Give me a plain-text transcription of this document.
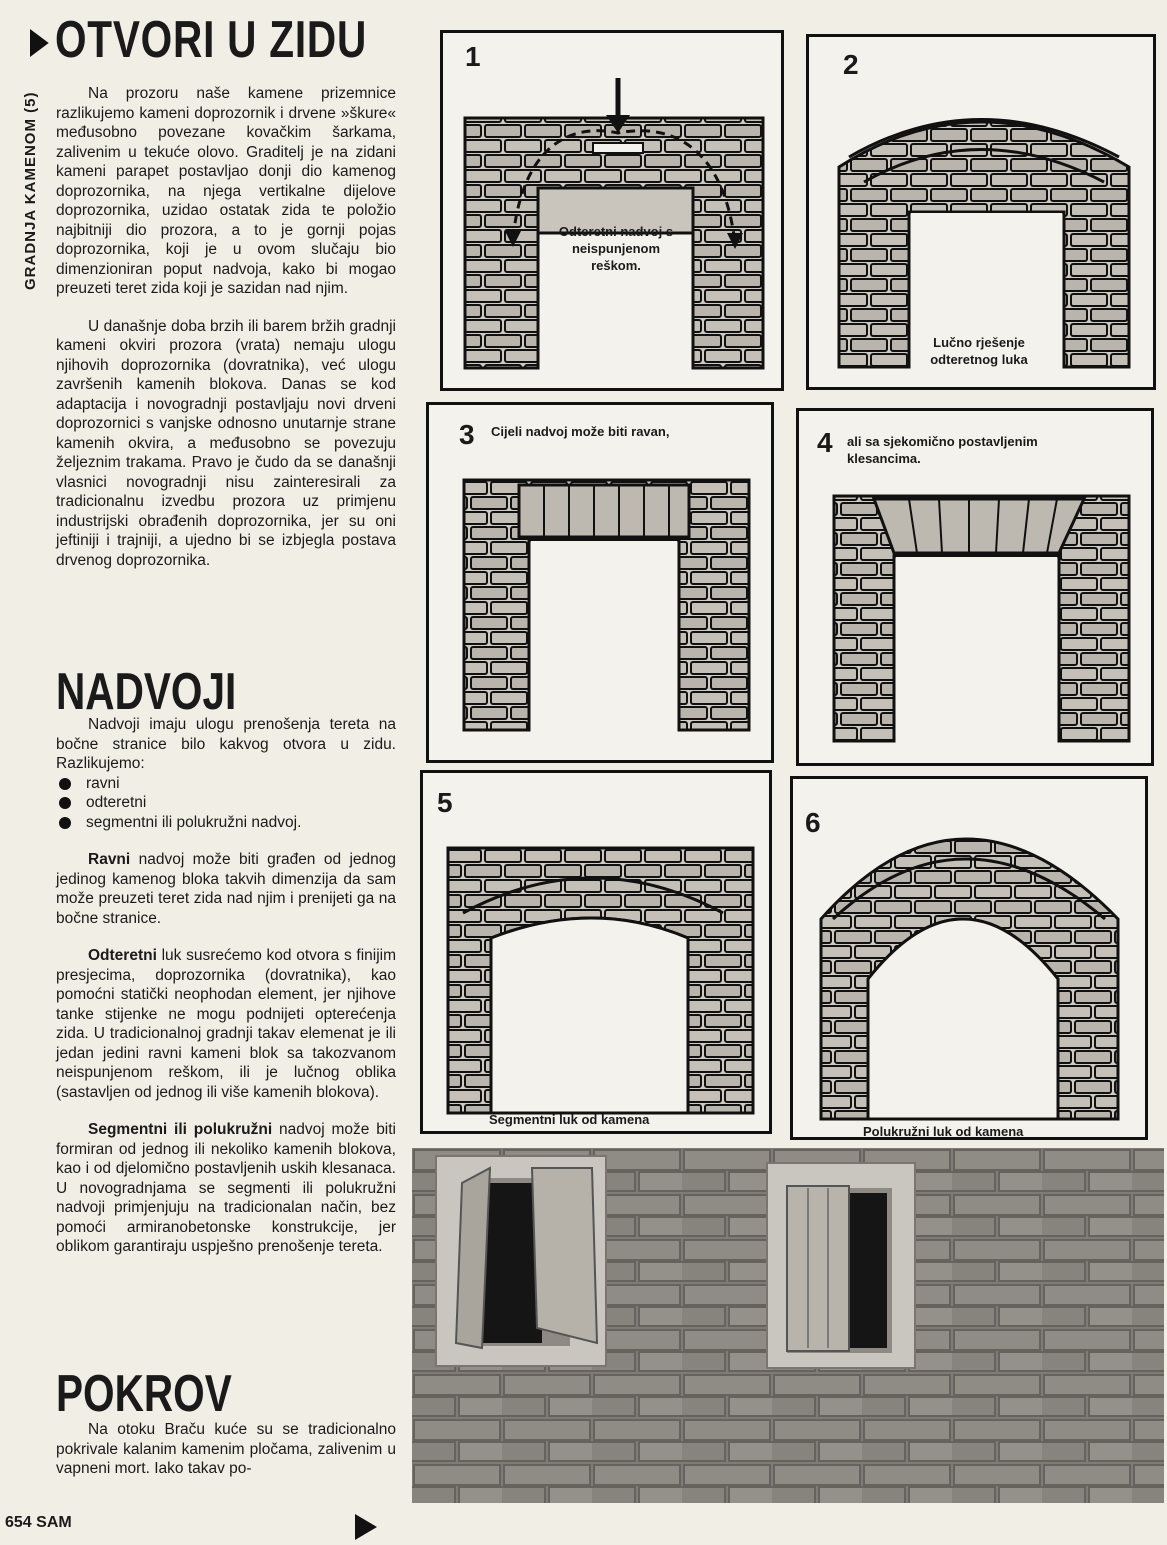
GRADNJA KAMENOM (5)
OTVORI U ZIDU

Na prozoru naše kamene prizemnice razlikujemo kameni doprozornik i drvene »škure« međusobno povezane kovačkim šarkama, zalivenim u tekuće olovo. Graditelj je na zidani kameni parapet postavljao donji dio kamenog doprozornika, na njega vertikalne dijelove doprozornika, uzidao ostatak zida te položio najbitniji dio prozora, a to je gornji pojas doprozornika, koji je u ovom slučaju bio dimenzioniran poput nadvoja, kako bi mogao preuzeti teret zida koji je sazidan nad njim.

U današnje doba brzih ili barem bržih gradnji kameni okviri prozora (vrata) nemaju ulogu njihovih doprozornika (dovratnika), već ulogu završenih kamenih blokova. Danas se kod adaptacija i novogradnji postavljaju novi drveni doprozornici s vanjske odnosno unutarnje strane kamenih okvira, a međusobno se povezuju željeznim trakama. Pravo je čudo da se današnji vlasnici novogradnji nisu zainteresirali za tradicionalnu izvedbu prozora uz primjenu industrijski obrađenih doprozornika, jer su oni jeftiniji i trajniji, a ujedno bi se izbjegla postava drvenog doprozornika.

NADVOJI

Nadvoji imaju ulogu prenošenja tereta na bočne stranice bilo kakvog otvora u zidu. Razlikujemo:

ravni
odteretni
segmentni ili polukružni nadvoj.

Ravni nadvoj može biti građen od jednog jedinog kamenog bloka takvih dimenzija da sam može preuzeti teret zida nad njim i prenijeti ga na bočne stranice.

Odteretni luk susrećemo kod otvora s finijim presjecima, doprozornika (dovratnika), kao pomoćni statički neophodan element, jer njihove tanke stijenke ne mogu podnijeti opterećenja zida. U tradicionalnoj gradnji takav elemenat je ili jedan jedini ravni kameni blok sa takozvanom neispunjenom reškom, ili je lučnog oblika (sastavljen od jednog ili više kamenih blokova).

Segmentni ili polukružni nadvoj može biti formiran od jednog ili nekoliko kamenih blokova, kao i od djelomično postavljenih uskih klesanaca. U novogradnjama se segmenti ili polukružni nadvoji primjenjuju na tradicionalan način, bez pomoći armiranobetonske konstrukcije, jer oblikom garantiraju uspješno prenošenje tereta.

POKROV

Na otoku Braču kuće su se tradicionalno pokrivale kalanim kamenim pločama, zalivenim u vapneni mort. Iako takav po-

1
Odteretni nadvoj s neispunjenom reškom.
2
Lučno rješenje odteretnog luka
3 Cijeli nadvoj može biti ravan,	4 ali sa sjekomično postavljenim klesancima.
5
Segmentni luk od kamena
6
Polukružni luk od kamena
654 SAM
